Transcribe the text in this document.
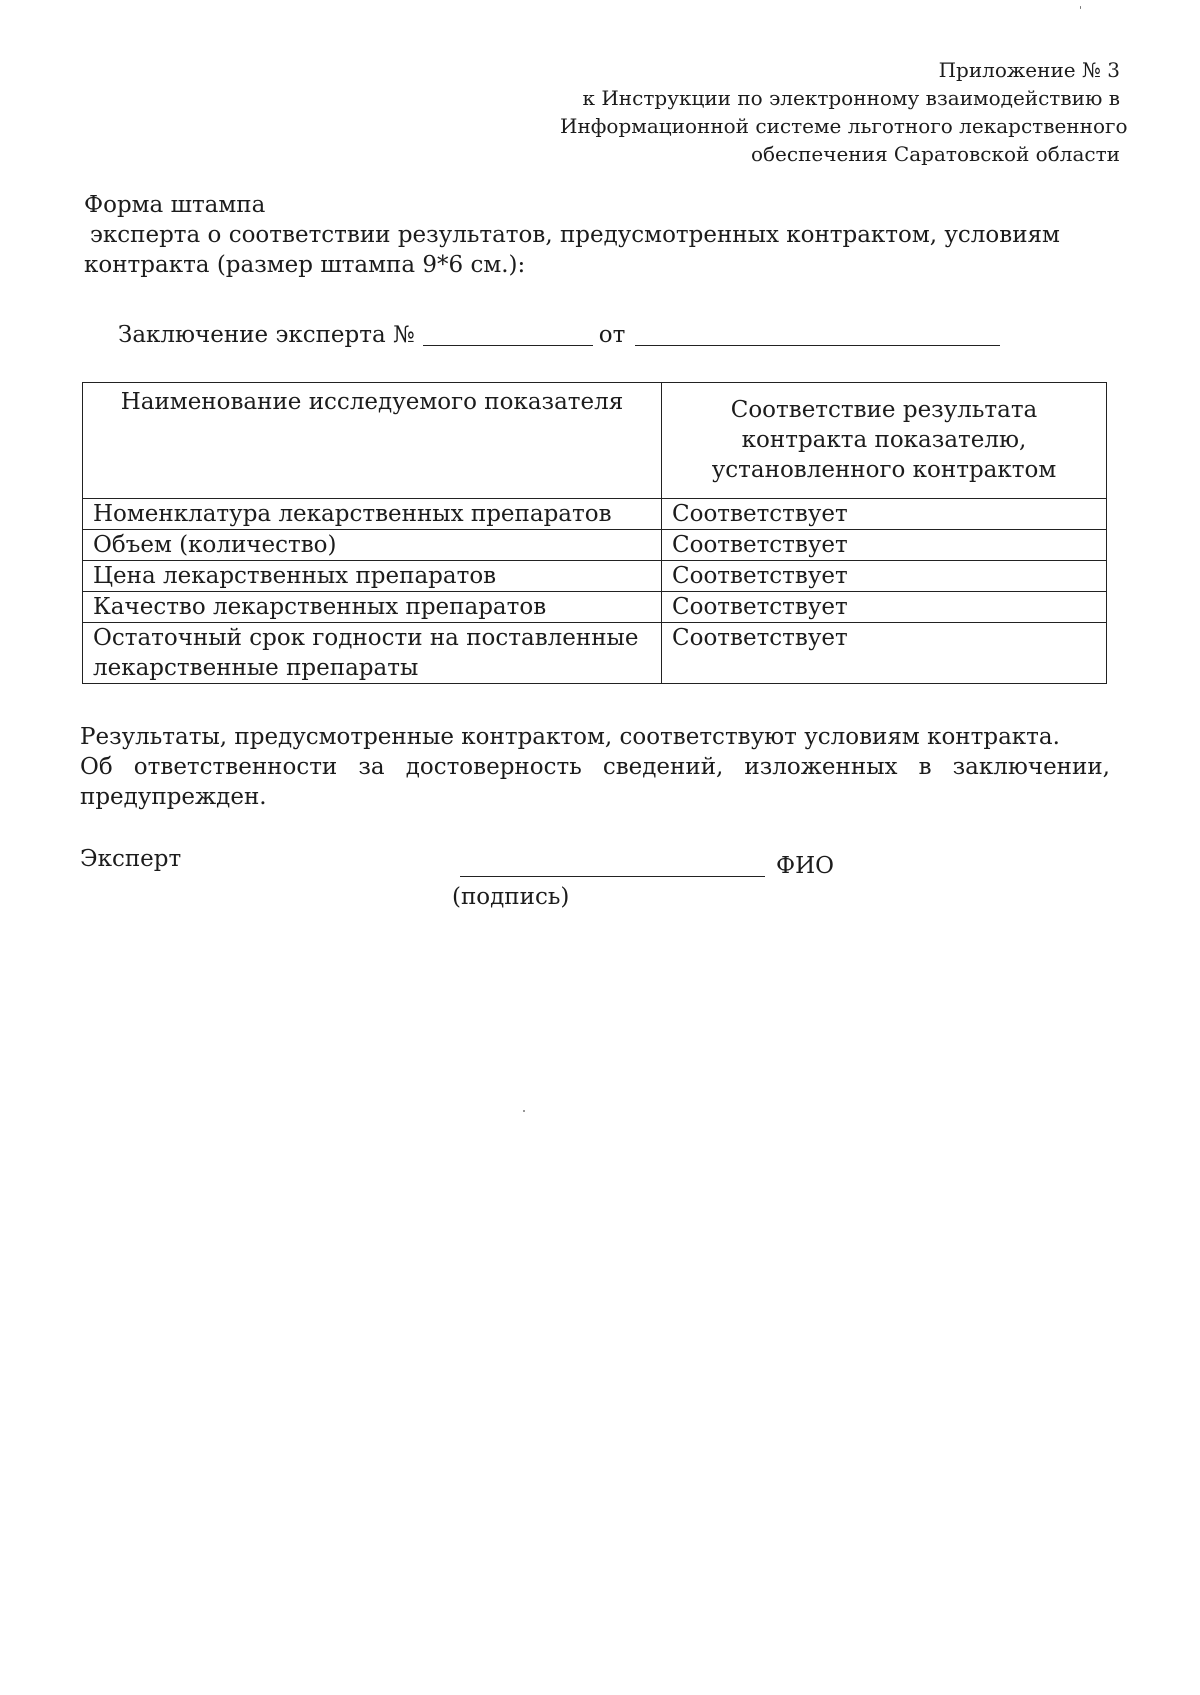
Приложение № 3
к Инструкции по электронному взаимодействию в
Информационной системе льготного лекарственного
обеспечения Саратовской области
Форма штампа
эксперта о соответствии результатов, предусмотренных контрактом, условиям
контракта (размер штампа 9*6 см.):
Заключение эксперта №	от
Наименование исследуемого показателя	Соответствие результата контракта показателю, установленного контрактом
Номенклатура лекарственных препаратов	Соответствует
Объем (количество)	Соответствует
Цена лекарственных препаратов	Соответствует
Качество лекарственных препаратов	Соответствует
Остаточный срок годности на поставленные лекарственные препараты	Соответствует

Результаты, предусмотренные контрактом, соответствуют условиям контракта.

Об ответственности за достоверность сведений, изложенных в заключении, предупрежден.

Эксперт	ФИО
(подпись)
